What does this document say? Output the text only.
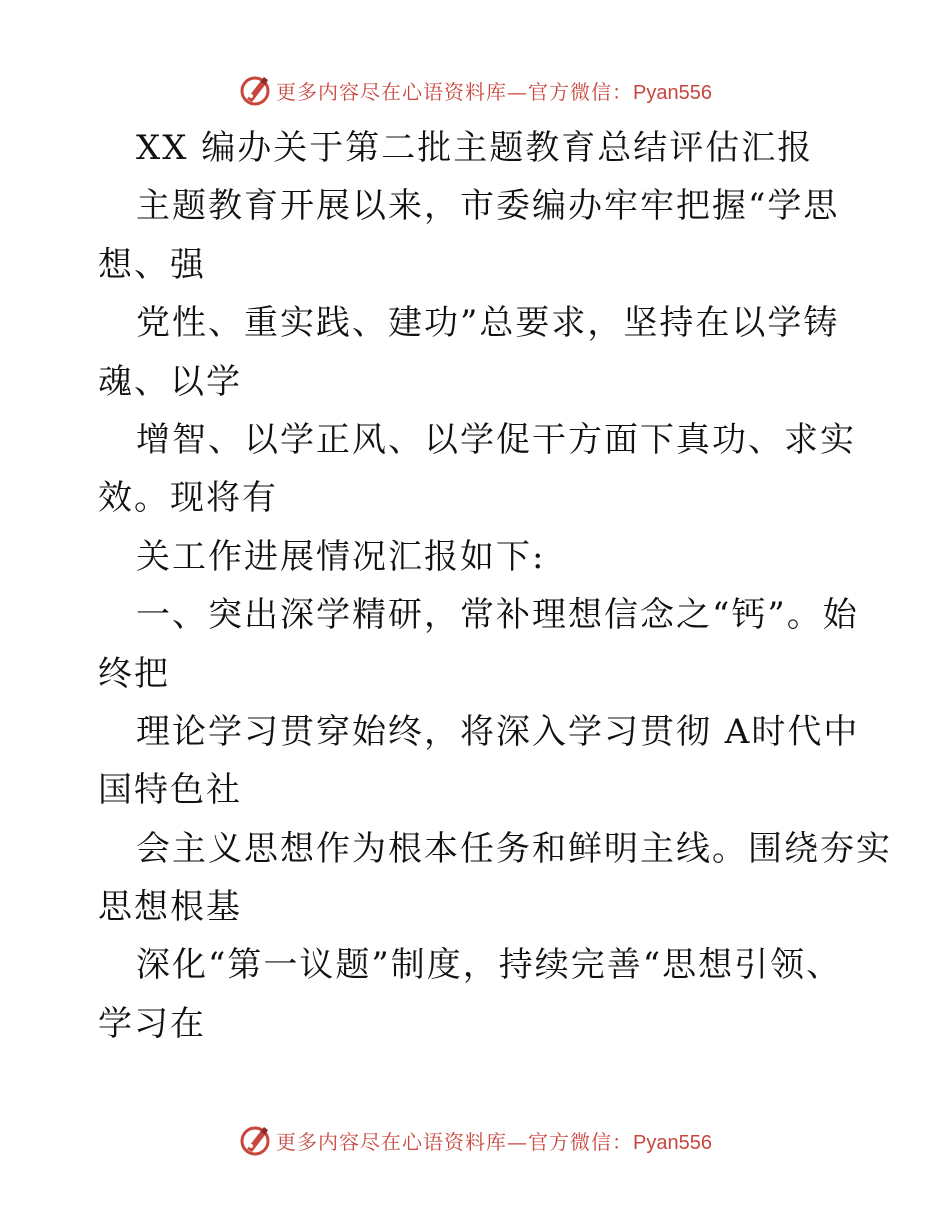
更多内容尽在心语资料库—官方微信：Pyan556
XX 编办关于第二批主题教育总结评估汇报
主题教育开展以来，市委编办牢牢把握“学思
想、强
党性、重实践、建功”总要求，坚持在以学铸
魂、以学
增智、以学正风、以学促干方面下真功、求实
效。现将有
关工作进展情况汇报如下:
一、突出深学精研，常补理想信念之“钙”。始
终把
理论学习贯穿始终，将深入学习贯彻 A时代中
国特色社
会主义思想作为根本任务和鲜明主线。围绕夯实
思想根基
深化“第一议题”制度，持续完善“思想引领、
学习在
更多内容尽在心语资料库—官方微信：Pyan556
